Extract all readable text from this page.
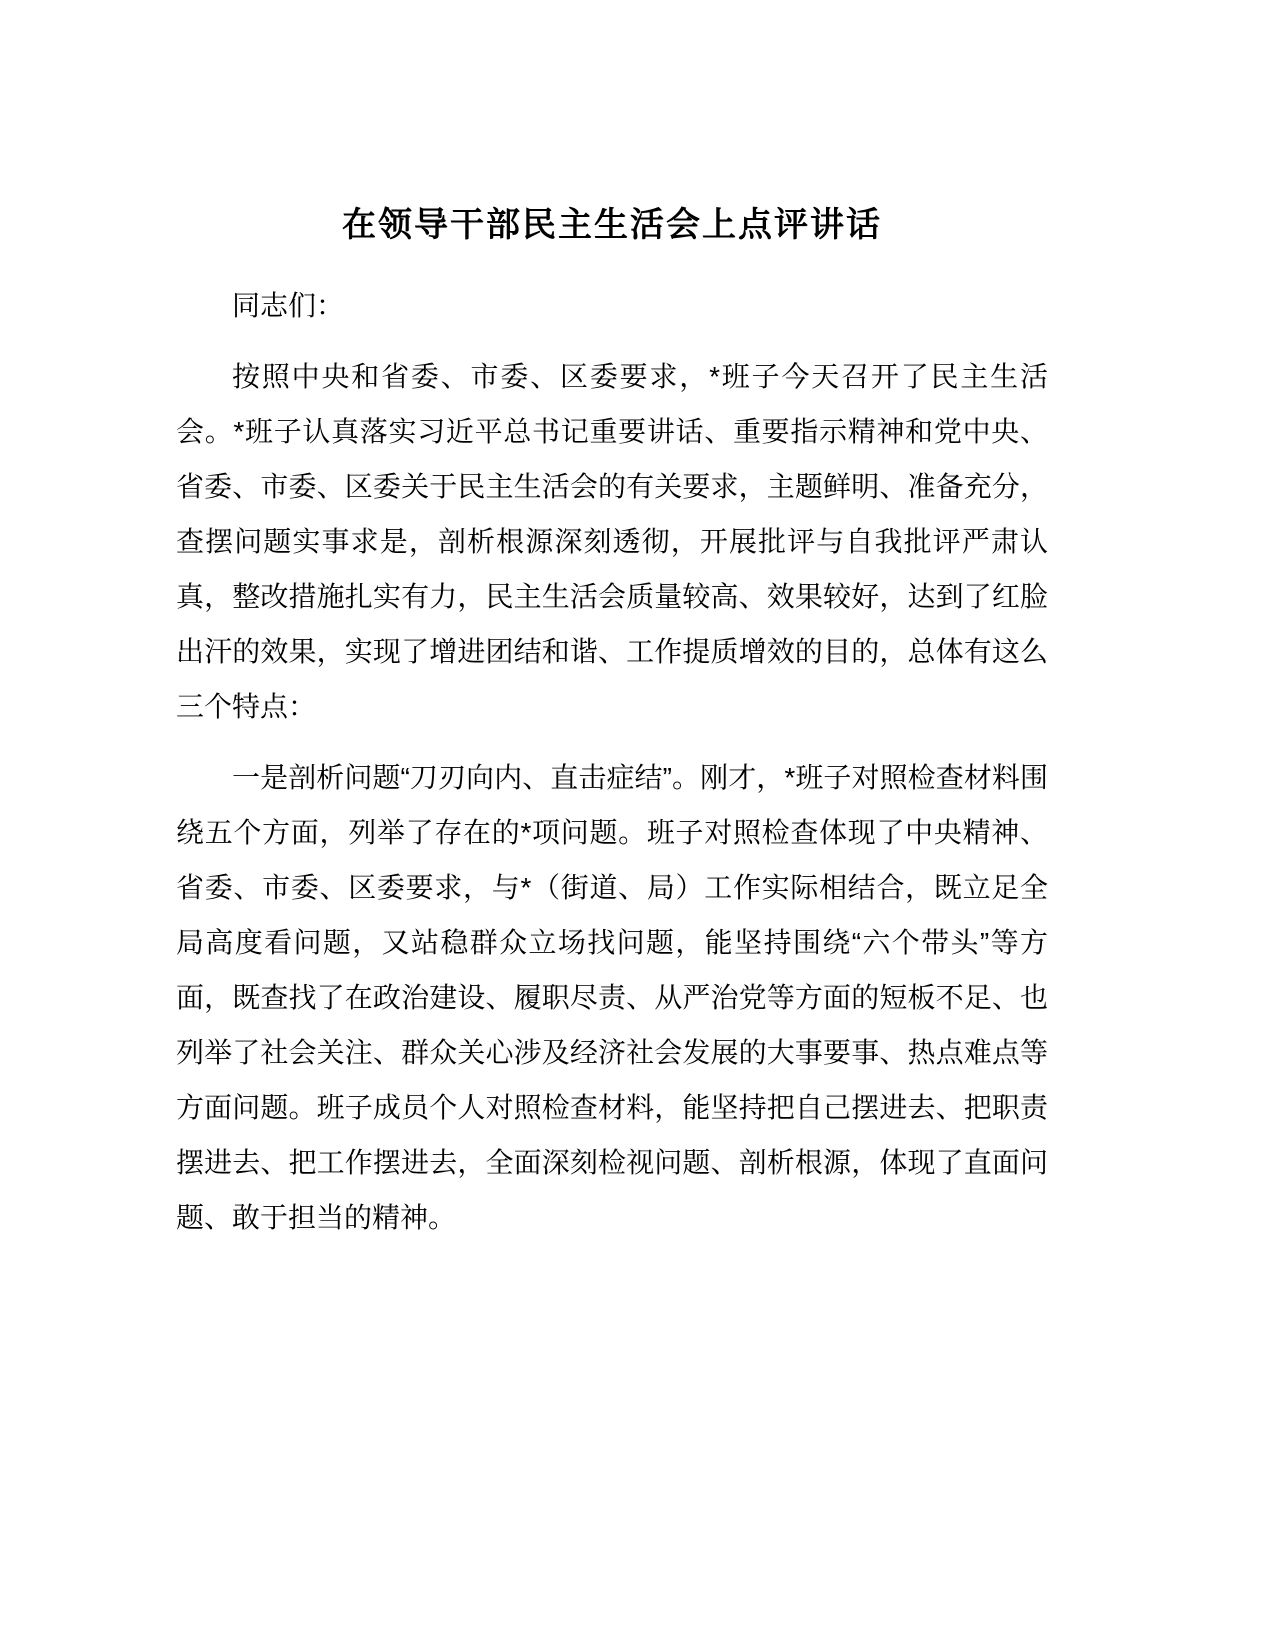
在领导干部民主生活会上点评讲话

同志们：

按照中央和省委、市委、区委要求，*班子今天召开了民主生活会。*班子认真落实习近平总书记重要讲话、重要指示精神和党中央、省委、市委、区委关于民主生活会的有关要求，主题鲜明、准备充分，查摆问题实事求是，剖析根源深刻透彻，开展批评与自我批评严肃认真，整改措施扎实有力，民主生活会质量较高、效果较好，达到了红脸出汗的效果，实现了增进团结和谐、工作提质增效的目的，总体有这么三个特点：

一是剖析问题“刀刃向内、直击症结”。刚才，*班子对照检查材料围绕五个方面，列举了存在的*项问题。班子对照检查体现了中央精神、省委、市委、区委要求，与*（街道、局）工作实际相结合，既立足全局高度看问题，又站稳群众立场找问题，能坚持围绕“六个带头”等方面，既查找了在政治建设、履职尽责、从严治党等方面的短板不足、也列举了社会关注、群众关心涉及经济社会发展的大事要事、热点难点等方面问题。班子成员个人对照检查材料，能坚持把自己摆进去、把职责摆进去、把工作摆进去，全面深刻检视问题、剖析根源，体现了直面问题、敢于担当的精神。
